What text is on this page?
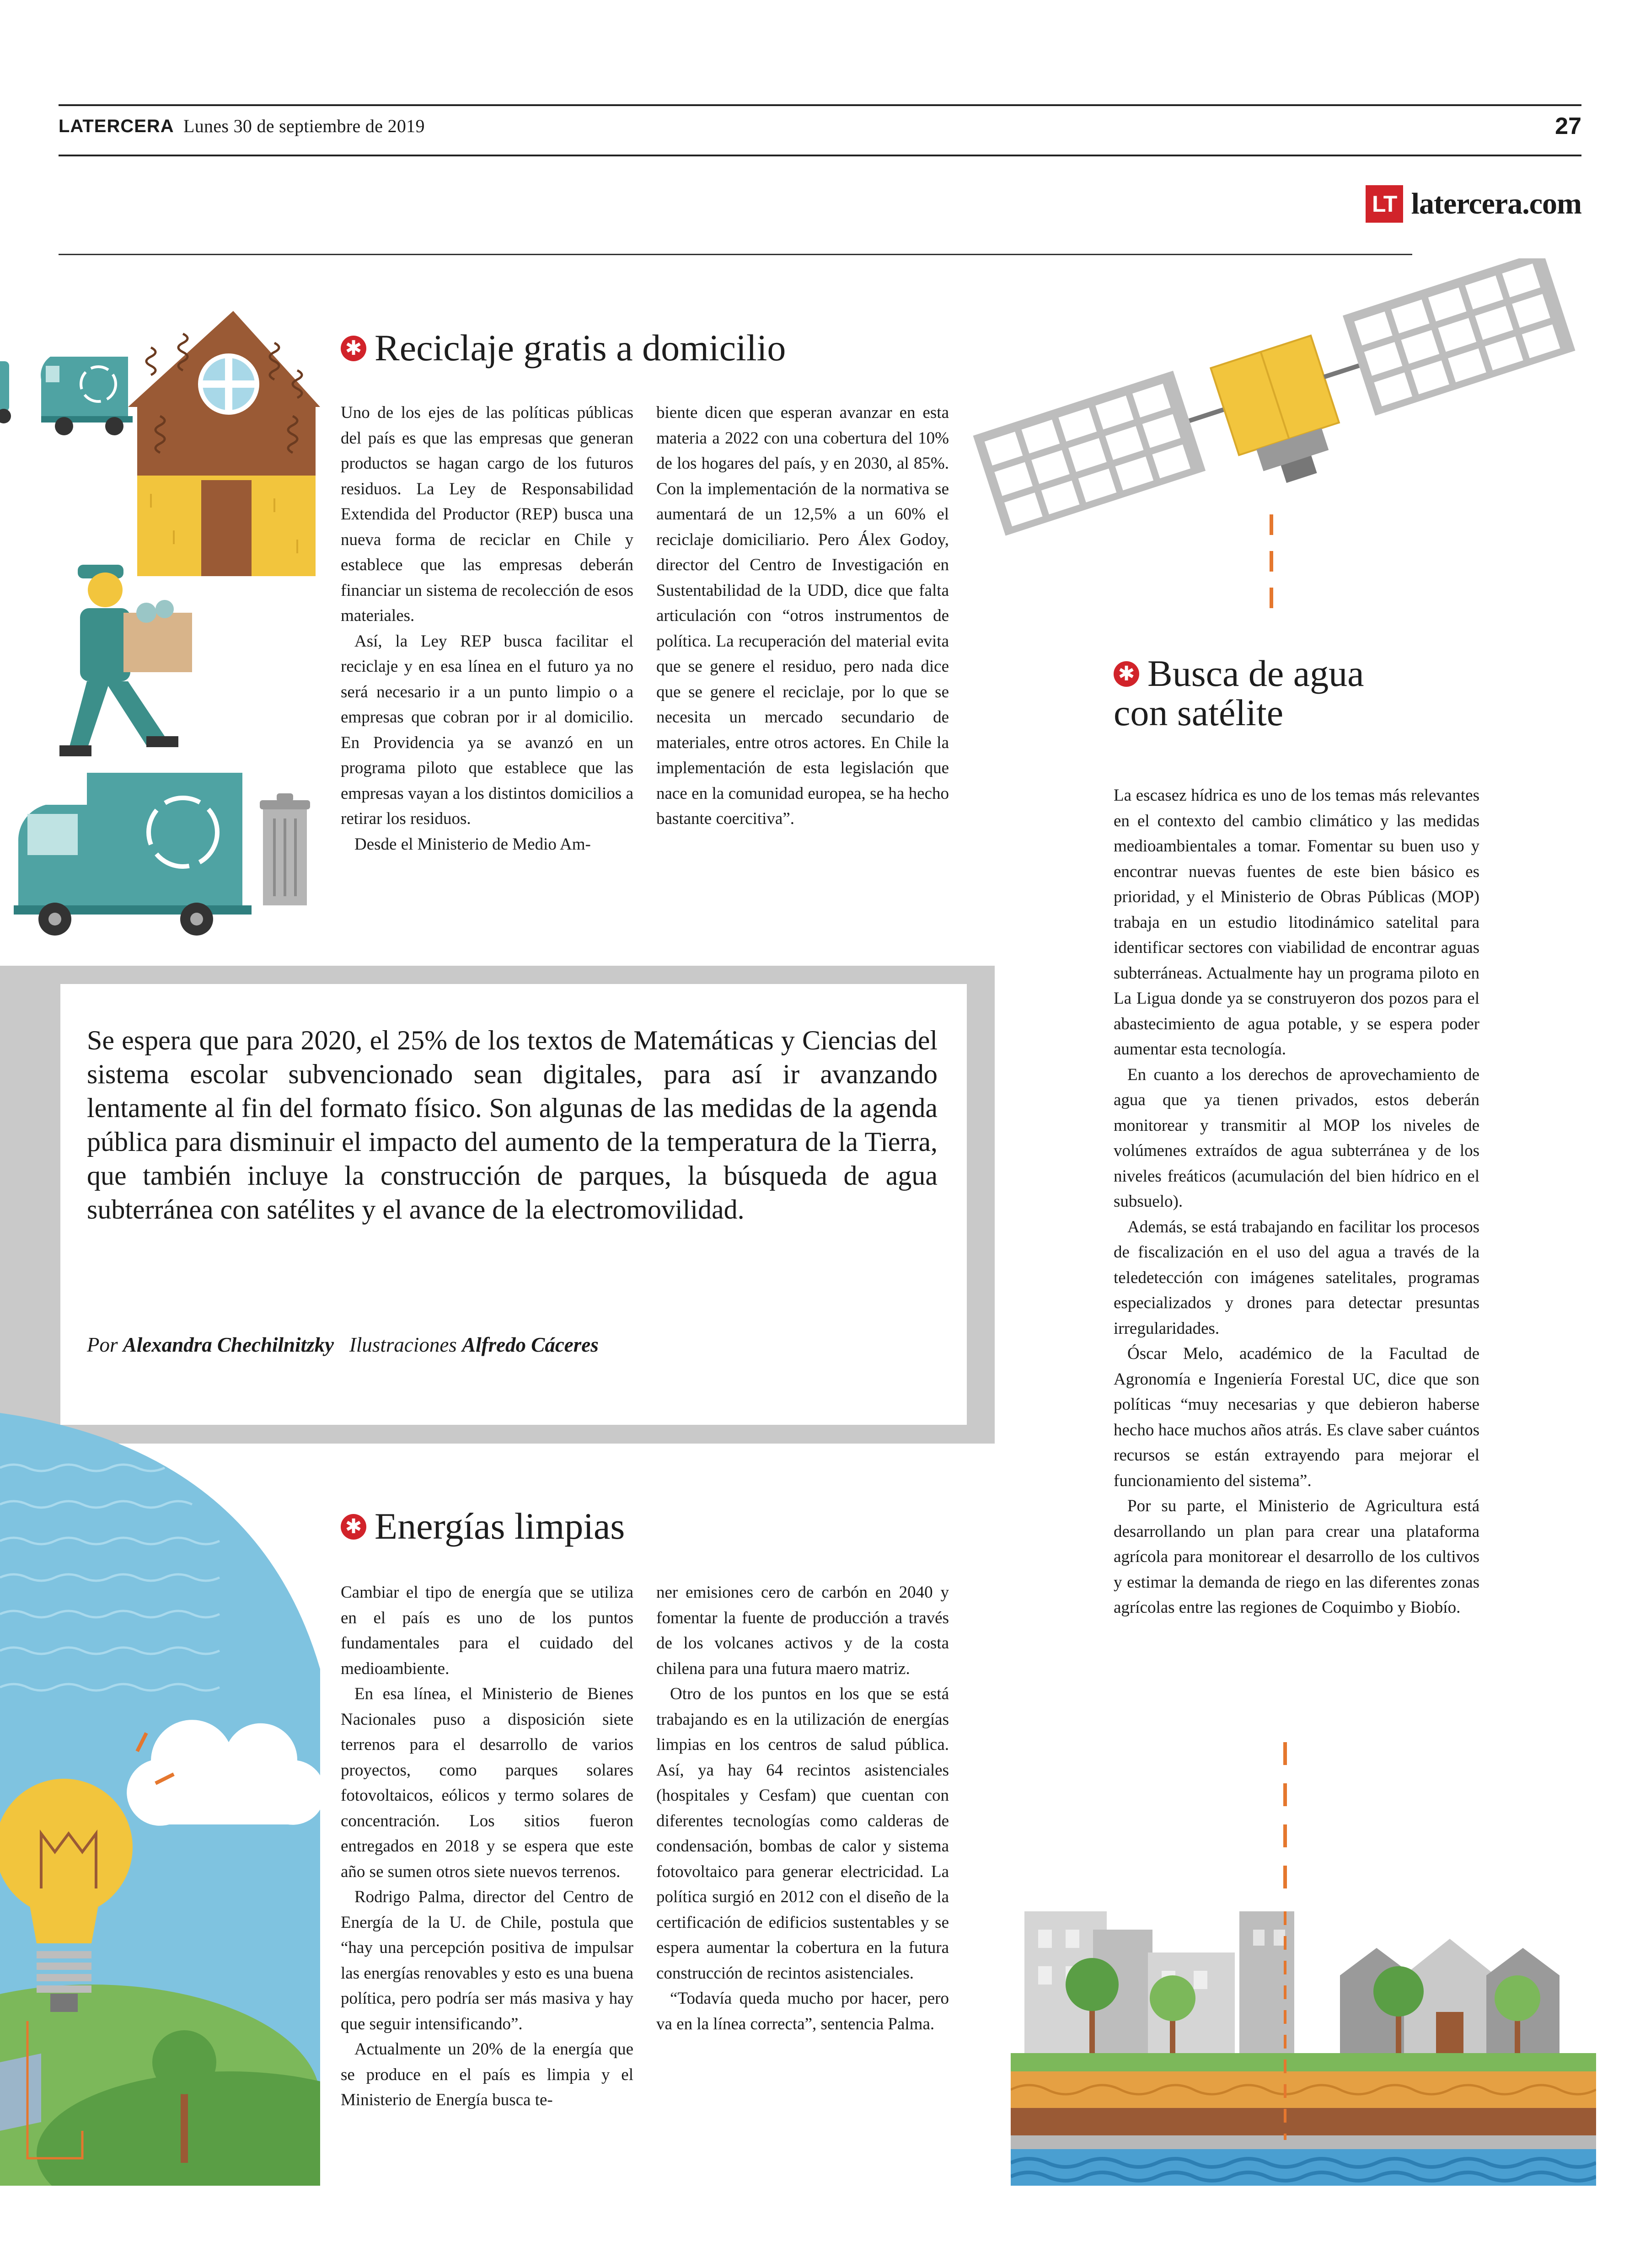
LATERCERA Lunes 30 de septiembre de 2019	27
LT latercera.com
✱ Reciclaje gratis a domicilio

Uno de los ejes de las políticas públicas del país es que las empresas que generan productos se hagan cargo de los futuros residuos. La Ley de Responsabilidad Extendida del Productor (REP) busca una nueva forma de reciclar en Chile y establece que las empresas deberán financiar un sistema de recolección de esos materiales.

Así, la Ley REP busca facilitar el reciclaje y en esa línea en el futuro ya no será necesario ir a un punto limpio o a empresas que cobran por ir al domicilio. En Providencia ya se avanzó en un programa piloto que establece que las empresas vayan a los distintos domicilios a retirar los residuos.

Desde el Ministerio de Medio Am-

biente dicen que esperan avanzar en esta materia a 2022 con una cobertura del 10% de los hogares del país, y en 2030, al 85%. Con la implementación de la normativa se aumentará de un 12,5% a un 60% el reciclaje domiciliario. Pero Álex Godoy, director del Centro de Investigación en Sustentabilidad de la UDD, dice que falta articulación con “otros instrumentos de política. La recuperación del material evita que se genere el residuo, pero nada dice que se genere el reciclaje, por lo que se necesita un mercado secundario de materiales, entre otros actores. En Chile la implementación de esta legislación que nace en la comunidad europea, se ha hecho bastante coercitiva”.

✱ Busca de agua
con satélite

La escasez hídrica es uno de los temas más relevantes en el contexto del cambio climático y las medidas medioambientales a tomar. Fomentar su buen uso y encontrar nuevas fuentes de este bien básico es prioridad, y el Ministerio de Obras Públicas (MOP) trabaja en un estudio litodinámico satelital para identificar sectores con viabilidad de encontrar aguas subterráneas. Actualmente hay un programa piloto en La Ligua donde ya se construyeron dos pozos para el abastecimiento de agua potable, y se espera poder aumentar esta tecnología.

En cuanto a los derechos de aprovechamiento de agua que ya tienen privados, estos deberán monitorear y transmitir al MOP los niveles de volúmenes extraídos de agua subterránea y de los niveles freáticos (acumulación del bien hídrico en el subsuelo).

Además, se está trabajando en facilitar los procesos de fiscalización en el uso del agua a través de la teledetección con imágenes satelitales, programas especializados y drones para detectar presuntas irregularidades.

Óscar Melo, académico de la Facultad de Agronomía e Ingeniería Forestal UC, dice que son políticas “muy necesarias y que debieron haberse hecho hace muchos años atrás. Es clave saber cuántos recursos se están extrayendo para mejorar el funcionamiento del sistema”.

Por su parte, el Ministerio de Agricultura está desarrollando un plan para crear una plataforma agrícola para monitorear el desarrollo de los cultivos y estimar la demanda de riego en las diferentes zonas agrícolas entre las regiones de Coquimbo y Biobío.

Se espera que para 2020, el 25% de los textos de Matemáticas y Ciencias del sistema escolar subvencionado sean digitales, para así ir avanzando lentamente al fin del formato físico. Son algunas de las medidas de la agenda pública para disminuir el impacto del aumento de la temperatura de la Tierra, que también incluye la construcción de parques, la búsqueda de agua subterránea con satélites y el avance de la electromovilidad.
Por Alexandra Chechilnitzky Ilustraciones Alfredo Cáceres
✱ Energías limpias

Cambiar el tipo de energía que se utiliza en el país es uno de los puntos fundamentales para el cuidado del medioambiente.

En esa línea, el Ministerio de Bienes Nacionales puso a disposición siete terrenos para el desarrollo de varios proyectos, como parques solares fotovoltaicos, eólicos y termo solares de concentración. Los sitios fueron entregados en 2018 y se espera que este año se sumen otros siete nuevos terrenos.

Rodrigo Palma, director del Centro de Energía de la U. de Chile, postula que “hay una percepción positiva de impulsar las energías renovables y esto es una buena política, pero podría ser más masiva y hay que seguir intensificando”.

Actualmente un 20% de la energía que se produce en el país es limpia y el Ministerio de Energía busca te-

ner emisiones cero de carbón en 2040 y fomentar la fuente de producción a través de los volcanes activos y de la costa chilena para una futura maero matriz.

Otro de los puntos en los que se está trabajando es en la utilización de energías limpias en los centros de salud pública. Así, ya hay 64 recintos asistenciales (hospitales y Cesfam) que cuentan con diferentes tecnologías como calderas de condensación, bombas de calor y sistema fotovoltaico para generar electricidad. La política surgió en 2012 con el diseño de la certificación de edificios sustentables y se espera aumentar la cobertura en la futura construcción de recintos asistenciales.

“Todavía queda mucho por hacer, pero va en la línea correcta”, sentencia Palma.
